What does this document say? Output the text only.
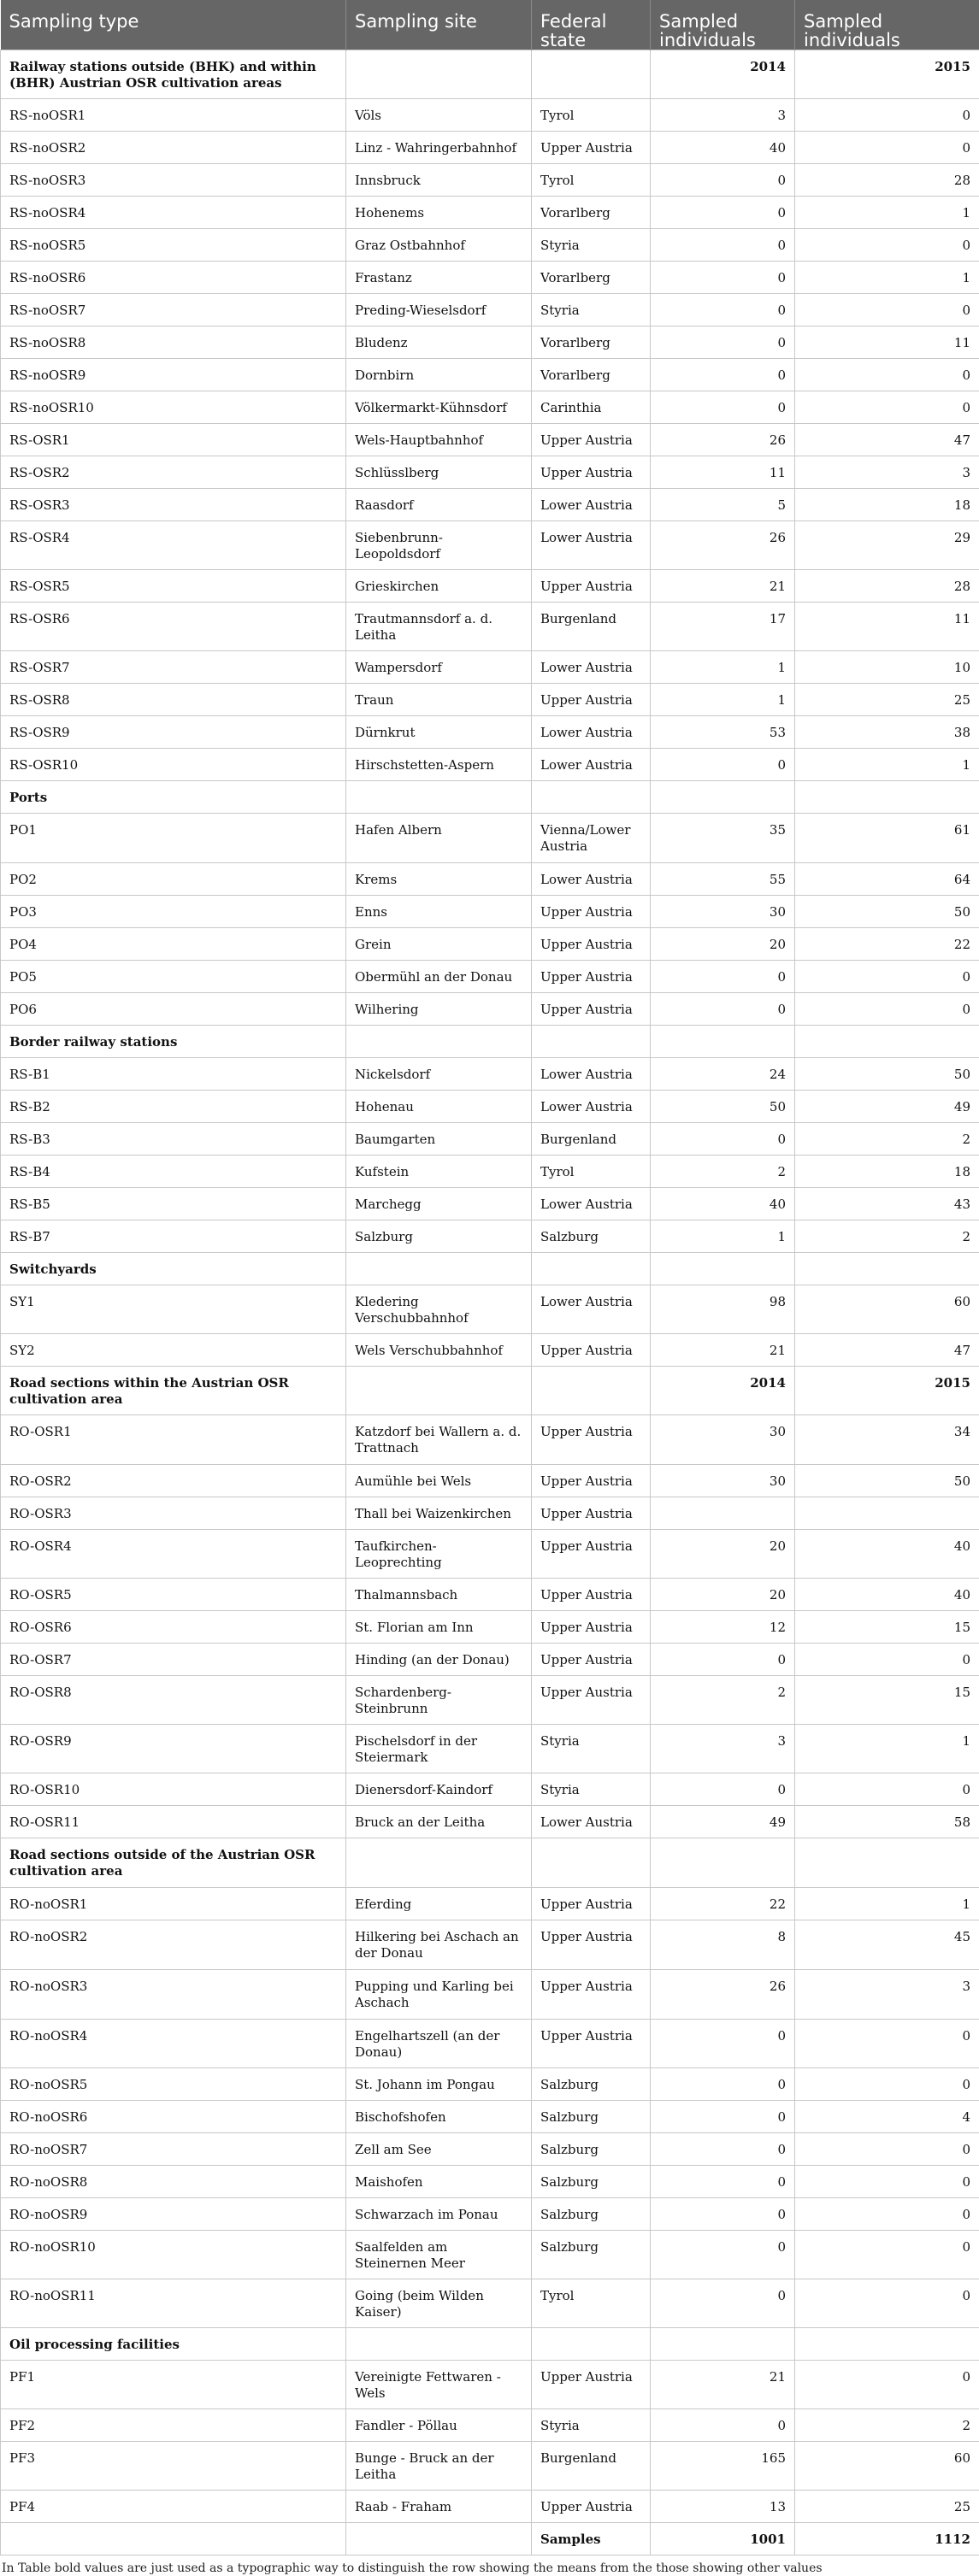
Sampling type	Sampling site	Federal state	Sampled individuals	Sampled individuals
Railway stations outside (BHK) and within (BHR) Austrian OSR cultivation areas			2014	2015
RS-noOSR1	Völs	Tyrol	3	0
RS-noOSR2	Linz - Wahringerbahnhof	Upper Austria	40	0
RS-noOSR3	Innsbruck	Tyrol	0	28
RS-noOSR4	Hohenems	Vorarlberg	0	1
RS-noOSR5	Graz Ostbahnhof	Styria	0	0
RS-noOSR6	Frastanz	Vorarlberg	0	1
RS-noOSR7	Preding-Wieselsdorf	Styria	0	0
RS-noOSR8	Bludenz	Vorarlberg	0	11
RS-noOSR9	Dornbirn	Vorarlberg	0	0
RS-noOSR10	Völkermarkt-Kühnsdorf	Carinthia	0	0
RS-OSR1	Wels-Hauptbahnhof	Upper Austria	26	47
RS-OSR2	Schlüsslberg	Upper Austria	11	3
RS-OSR3	Raasdorf	Lower Austria	5	18
RS-OSR4	Siebenbrunn-Leopoldsdorf	Lower Austria	26	29
RS-OSR5	Grieskirchen	Upper Austria	21	28
RS-OSR6	Trautmannsdorf a. d. Leitha	Burgenland	17	11
RS-OSR7	Wampersdorf	Lower Austria	1	10
RS-OSR8	Traun	Upper Austria	1	25
RS-OSR9	Dürnkrut	Lower Austria	53	38
RS-OSR10	Hirschstetten-Aspern	Lower Austria	0	1
Ports				
PO1	Hafen Albern	Vienna/Lower Austria	35	61
PO2	Krems	Lower Austria	55	64
PO3	Enns	Upper Austria	30	50
PO4	Grein	Upper Austria	20	22
PO5	Obermühl an der Donau	Upper Austria	0	0
PO6	Wilhering	Upper Austria	0	0
Border railway stations				
RS-B1	Nickelsdorf	Lower Austria	24	50
RS-B2	Hohenau	Lower Austria	50	49
RS-B3	Baumgarten	Burgenland	0	2
RS-B4	Kufstein	Tyrol	2	18
RS-B5	Marchegg	Lower Austria	40	43
RS-B7	Salzburg	Salzburg	1	2
Switchyards				
SY1	Kledering Verschubbahnhof	Lower Austria	98	60
SY2	Wels Verschubbahnhof	Upper Austria	21	47
Road sections within the Austrian OSR cultivation area			2014	2015
RO-OSR1	Katzdorf bei Wallern a. d. Trattnach	Upper Austria	30	34
RO-OSR2	Aumühle bei Wels	Upper Austria	30	50
RO-OSR3	Thall bei Waizenkirchen	Upper Austria		
RO-OSR4	Taufkirchen- Leoprechting	Upper Austria	20	40
RO-OSR5	Thalmannsbach	Upper Austria	20	40
RO-OSR6	St. Florian am Inn	Upper Austria	12	15
RO-OSR7	Hinding (an der Donau)	Upper Austria	0	0
RO-OSR8	Schardenberg-Steinbrunn	Upper Austria	2	15
RO-OSR9	Pischelsdorf in der Steiermark	Styria	3	1
RO-OSR10	Dienersdorf-Kaindorf	Styria	0	0
RO-OSR11	Bruck an der Leitha	Lower Austria	49	58
Road sections outside of the Austrian OSR cultivation area				
RO-noOSR1	Eferding	Upper Austria	22	1
RO-noOSR2	Hilkering bei Aschach an der Donau	Upper Austria	8	45
RO-noOSR3	Pupping und Karling bei Aschach	Upper Austria	26	3
RO-noOSR4	Engelhartszell (an der Donau)	Upper Austria	0	0
RO-noOSR5	St. Johann im Pongau	Salzburg	0	0
RO-noOSR6	Bischofshofen	Salzburg	0	4
RO-noOSR7	Zell am See	Salzburg	0	0
RO-noOSR8	Maishofen	Salzburg	0	0
RO-noOSR9	Schwarzach im Ponau	Salzburg	0	0
RO-noOSR10	Saalfelden am Steinernen Meer	Salzburg	0	0
RO-noOSR11	Going (beim Wilden Kaiser)	Tyrol	0	0
Oil processing facilities				
PF1	Vereinigte Fettwaren - Wels	Upper Austria	21	0
PF2	Fandler - Pöllau	Styria	0	2
PF3	Bunge - Bruck an der Leitha	Burgenland	165	60
PF4	Raab - Fraham	Upper Austria	13	25
		Samples	1001	1112
In Table bold values are just used as a typographic way to distinguish the row showing the means from the those showing other values
